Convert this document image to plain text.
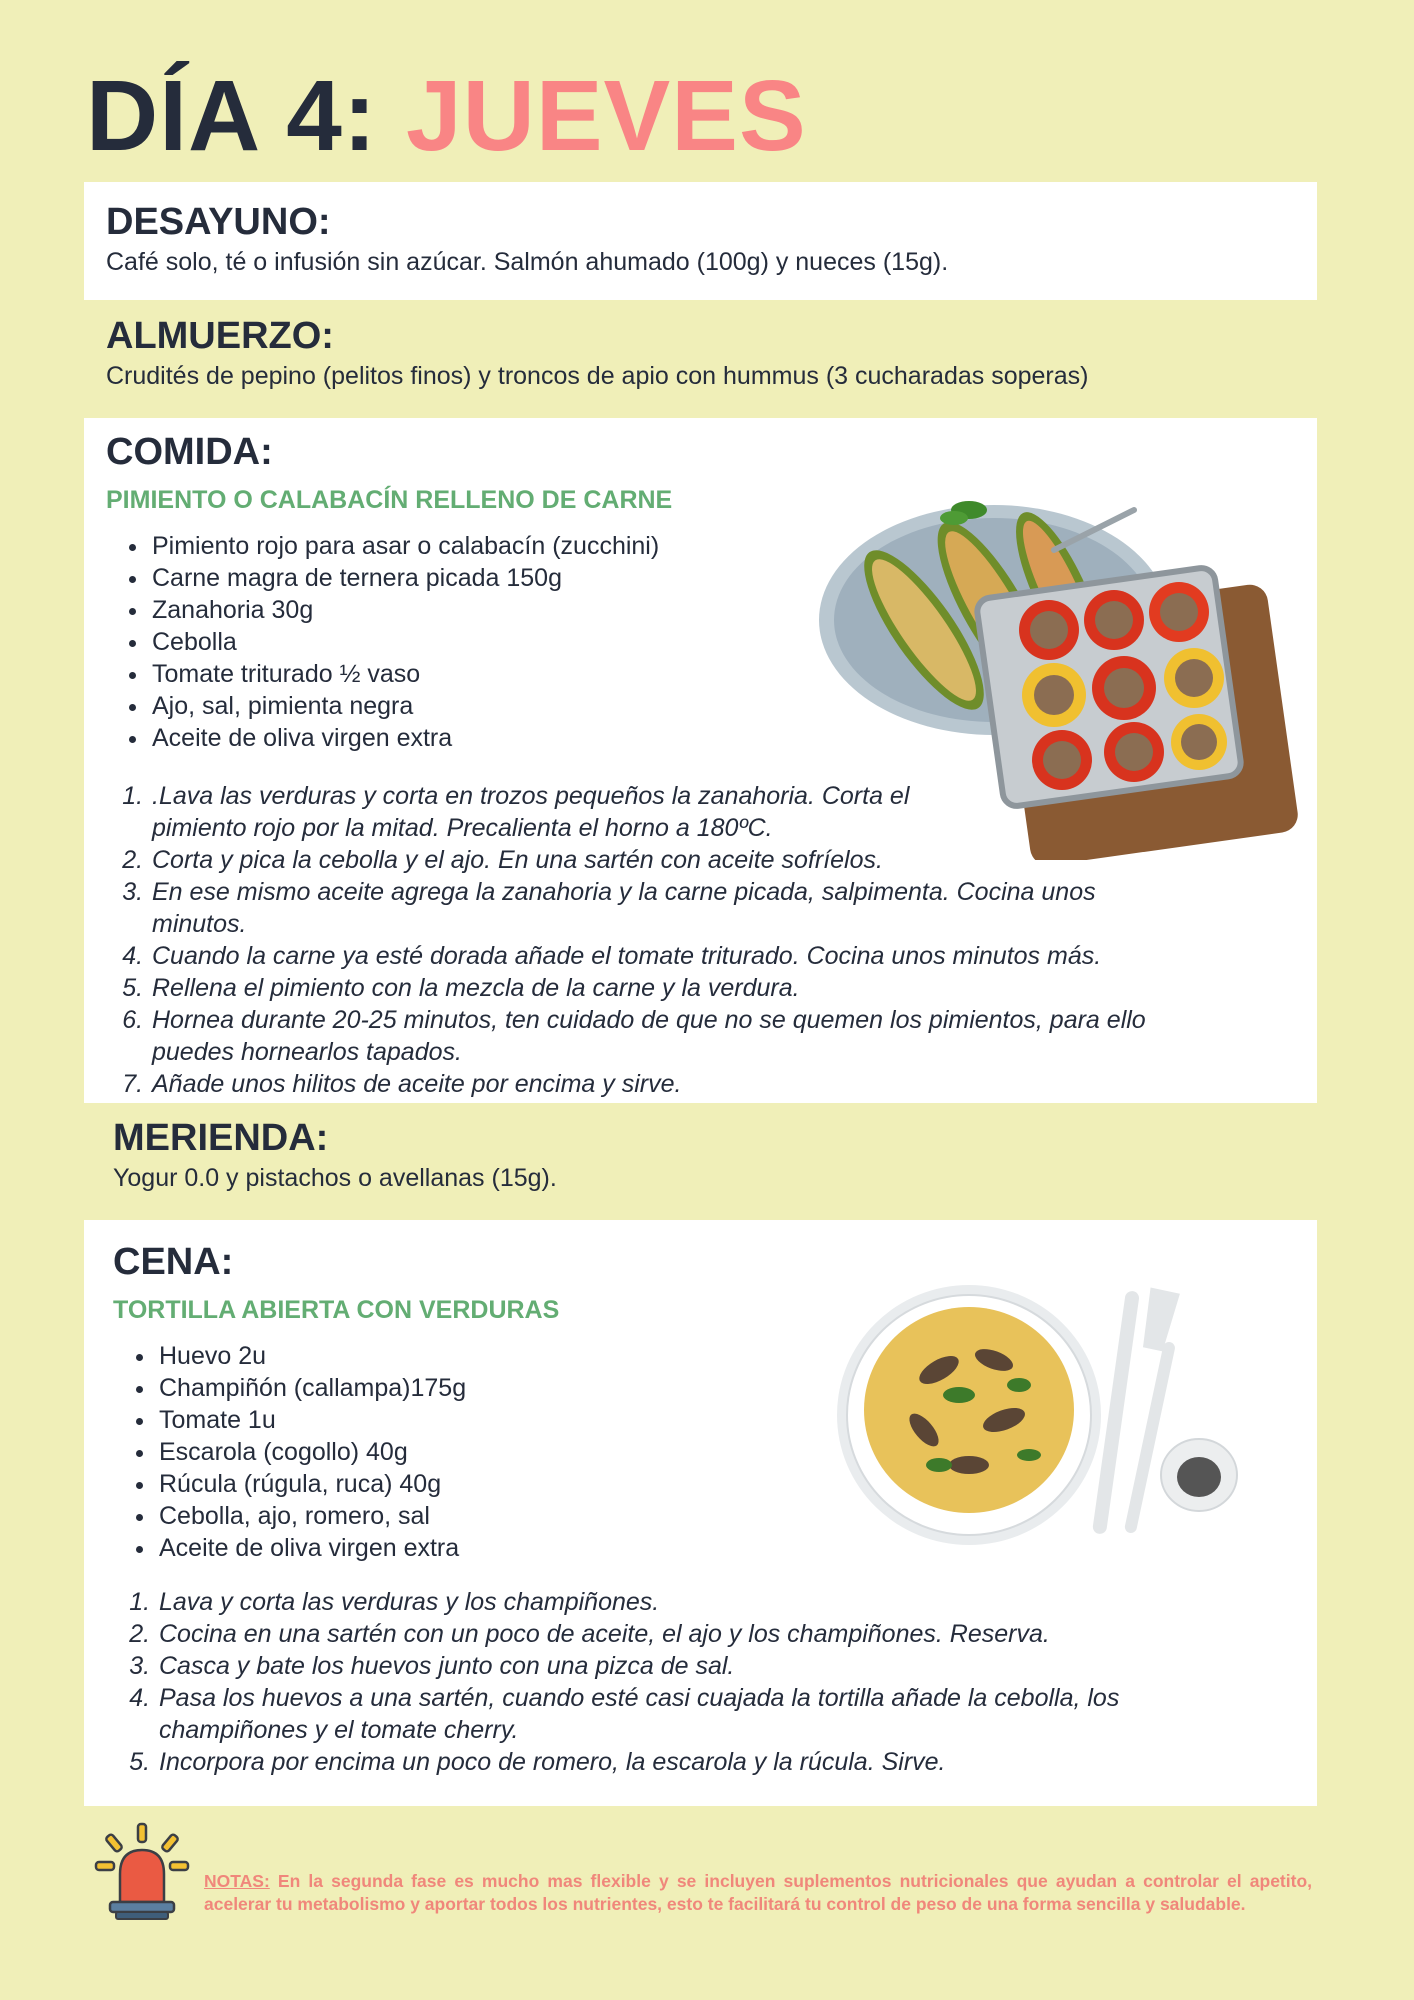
DÍA 4: JUEVES
DESAYUNO:
Café solo, té o infusión sin azúcar. Salmón ahumado (100g) y nueces (15g).
ALMUERZO:
Crudités de pepino (pelitos finos) y troncos de apio con hummus (3 cucharadas soperas)
COMIDA:
PIMIENTO O CALABACÍN RELLENO DE CARNE
• Pimiento rojo para asar o calabacín (zucchini)
• Carne magra de ternera picada 150g
• Zanahoria 30g
• Cebolla
• Tomate triturado ½ vaso
• Ajo, sal, pimienta negra
• Aceite de oliva virgen extra
1. .Lava las verduras y corta en trozos pequeños la zanahoria. Corta el pimiento rojo por la mitad. Precalienta el horno a 180ºC.
2. Corta y pica la cebolla y el ajo. En una sartén con aceite sofríelos.
3. En ese mismo aceite agrega la zanahoria y la carne picada, salpimenta. Cocina unos minutos.
4. Cuando la carne ya esté dorada añade el tomate triturado. Cocina unos minutos más.
5. Rellena el pimiento con la mezcla de la carne y la verdura.
6. Hornea durante 20-25 minutos, ten cuidado de que no se quemen los pimientos, para ello puedes hornearlos tapados.
7. Añade unos hilitos de aceite por encima y sirve.
MERIENDA:
Yogur 0.0 y pistachos o avellanas (15g).
CENA:
TORTILLA ABIERTA CON VERDURAS
• Huevo 2u
• Champiñón (callampa)175g
• Tomate 1u
• Escarola (cogollo) 40g
• Rúcula (rúgula, ruca) 40g
• Cebolla, ajo, romero, sal
• Aceite de oliva virgen extra
1. Lava y corta las verduras y los champiñones.
2. Cocina en una sartén con un poco de aceite, el ajo y los champiñones. Reserva.
3. Casca y bate los huevos junto con una pizca de sal.
4. Pasa los huevos a una sartén, cuando esté casi cuajada la tortilla añade la cebolla, los champiñones y el tomate cherry.
5. Incorpora por encima un poco de romero, la escarola y la rúcula. Sirve.
NOTAS: En la segunda fase es mucho mas flexible y se incluyen suplementos nutricionales que ayudan a controlar el apetito, acelerar tu metabolismo y aportar todos los nutrientes, esto te facilitará tu control de peso de una forma sencilla y saludable.
